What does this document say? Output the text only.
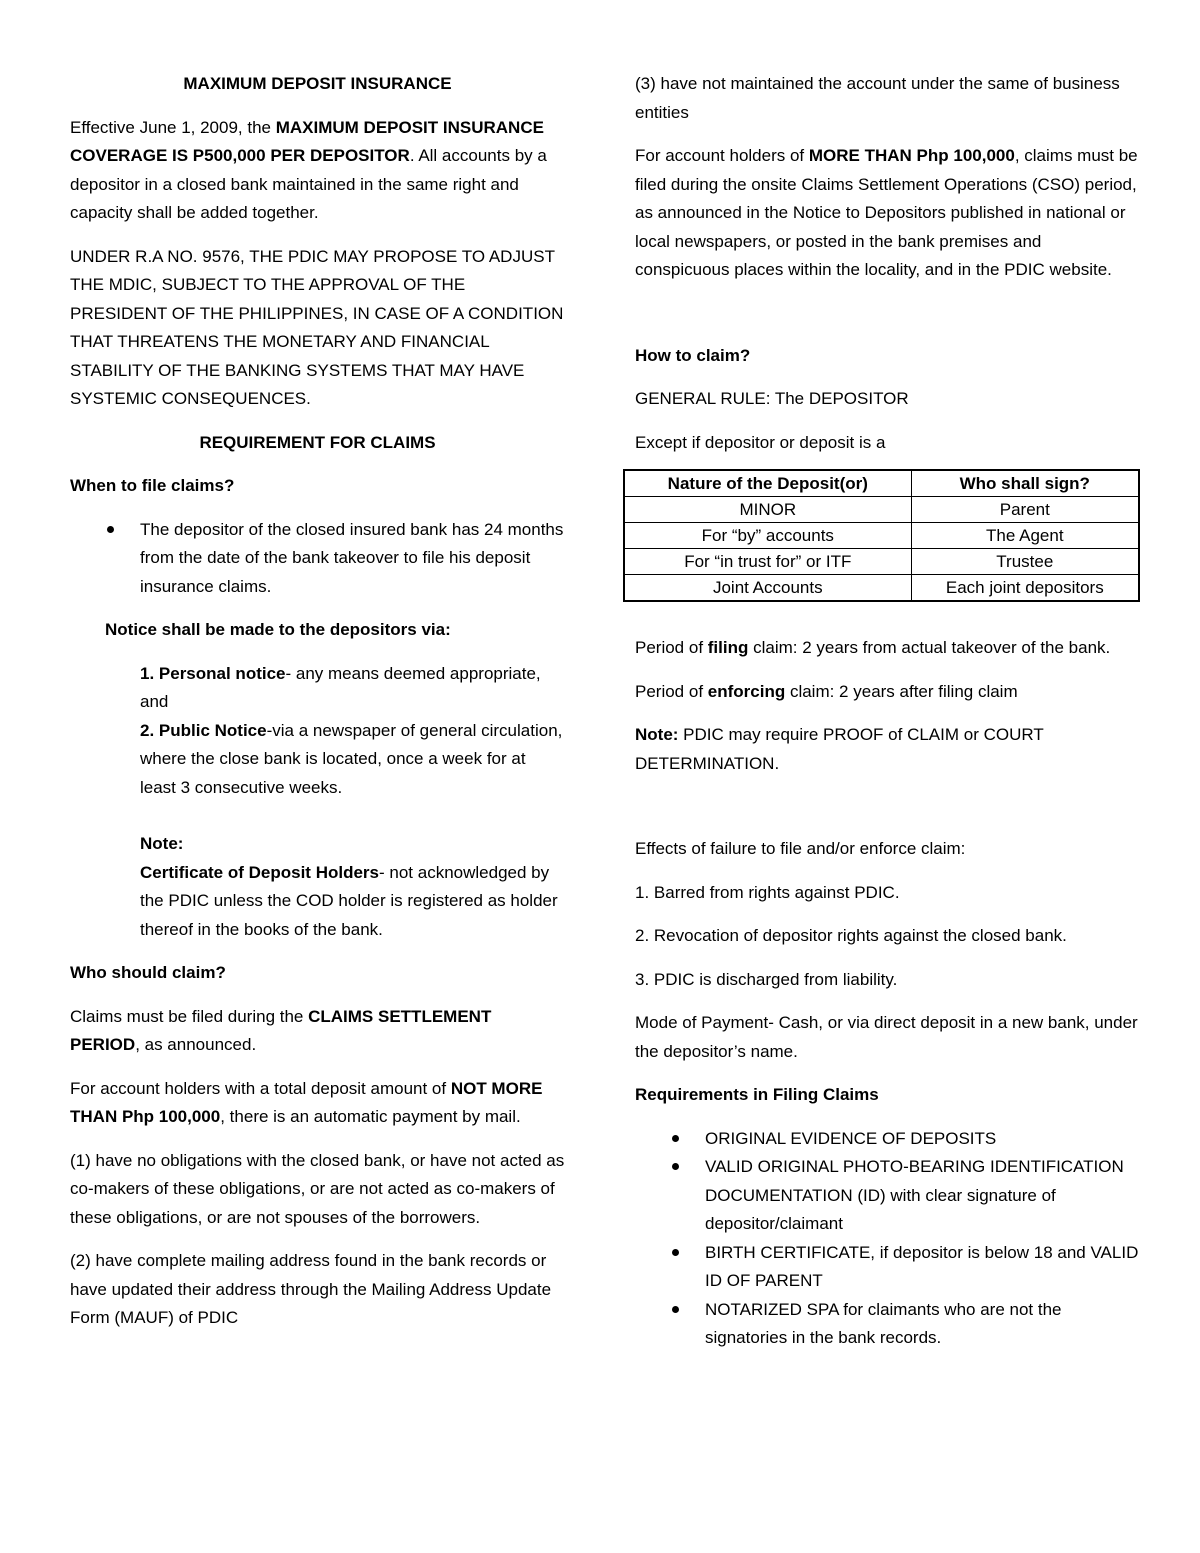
MAXIMUM DEPOSIT INSURANCE

Effective June 1, 2009, the MAXIMUM DEPOSIT INSURANCE COVERAGE IS P500,000 PER DEPOSITOR. All accounts by a depositor in a closed bank maintained in the same right and capacity shall be added together.

UNDER R.A NO. 9576, THE PDIC MAY PROPOSE TO ADJUST THE MDIC, SUBJECT TO THE APPROVAL OF THE PRESIDENT OF THE PHILIPPINES, IN CASE OF A CONDITION THAT THREATENS THE MONETARY AND FINANCIAL STABILITY OF THE BANKING SYSTEMS THAT MAY HAVE SYSTEMIC CONSEQUENCES.

REQUIREMENT FOR CLAIMS

When to file claims?

The depositor of the closed insured bank has 24 months from the date of the bank takeover to file his deposit insurance claims.

Notice shall be made to the depositors via:

1. Personal notice- any means deemed appropriate, and
2. Public Notice-via a newspaper of general circulation, where the close bank is located, once a week for at least 3 consecutive weeks.
Note:

Certificate of Deposit Holders- not acknowledged by the PDIC unless the COD holder is registered as holder thereof in the books of the bank.

Who should claim?

Claims must be filed during the CLAIMS SETTLEMENT PERIOD, as announced.

For account holders with a total deposit amount of NOT MORE THAN Php 100,000, there is an automatic payment by mail.

(1) have no obligations with the closed bank, or have not acted as co-makers of these obligations, or are not acted as co-makers of these obligations, or are not spouses of the borrowers.

(2) have complete mailing address found in the bank records or have updated their address through the Mailing Address Update Form (MAUF) of PDIC

(3) have not maintained the account under the same of business entities

For account holders of MORE THAN Php 100,000, claims must be filed during the onsite Claims Settlement Operations (CSO) period, as announced in the Notice to Depositors published in national or local newspapers, or posted in the bank premises and conspicuous places within the locality, and in the PDIC website.

How to claim?

GENERAL RULE: The DEPOSITOR

Except if depositor or deposit is a

Nature of the Deposit(or)	Who shall sign?
MINOR	Parent
For “by” accounts	The Agent
For “in trust for” or ITF	Trustee
Joint Accounts	Each joint depositors

Period of filing claim: 2 years from actual takeover of the bank.

Period of enforcing claim: 2 years after filing claim

Note: PDIC may require PROOF of CLAIM or COURT DETERMINATION.

Effects of failure to file and/or enforce claim:

1. Barred from rights against PDIC.

2. Revocation of depositor rights against the closed bank.

3. PDIC is discharged from liability.

Mode of Payment- Cash, or via direct deposit in a new bank, under the depositor’s name.

Requirements in Filing Claims

ORIGINAL EVIDENCE OF DEPOSITS
VALID ORIGINAL PHOTO-BEARING IDENTIFICATION DOCUMENTATION (ID) with clear signature of depositor/claimant
BIRTH CERTIFICATE, if depositor is below 18 and VALID ID OF PARENT
NOTARIZED SPA for claimants who are not the signatories in the bank records.
